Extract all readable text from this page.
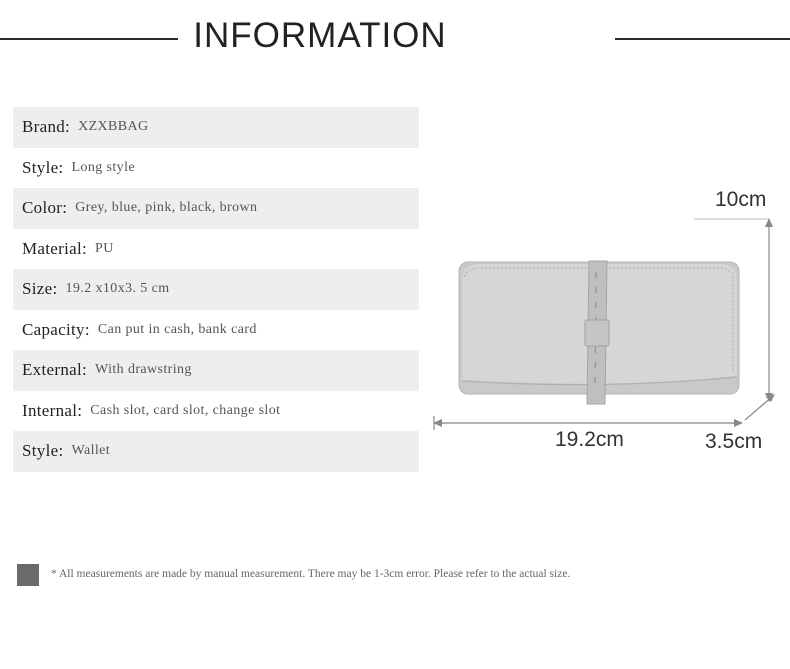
INFORMATION
Brand: XZXBBAG
Style: Long style
Color: Grey, blue, pink, black, brown
Material: PU
Size: 19.2 x10x3. 5 cm
Capacity: Can put in cash, bank card
External: With drawstring
Internal: Cash slot, card slot, change slot
Style: Wallet
10cm
19.2cm	3.5cm
* All measurements are made by manual measurement. There may be 1-3cm error. Please refer to the actual size.
